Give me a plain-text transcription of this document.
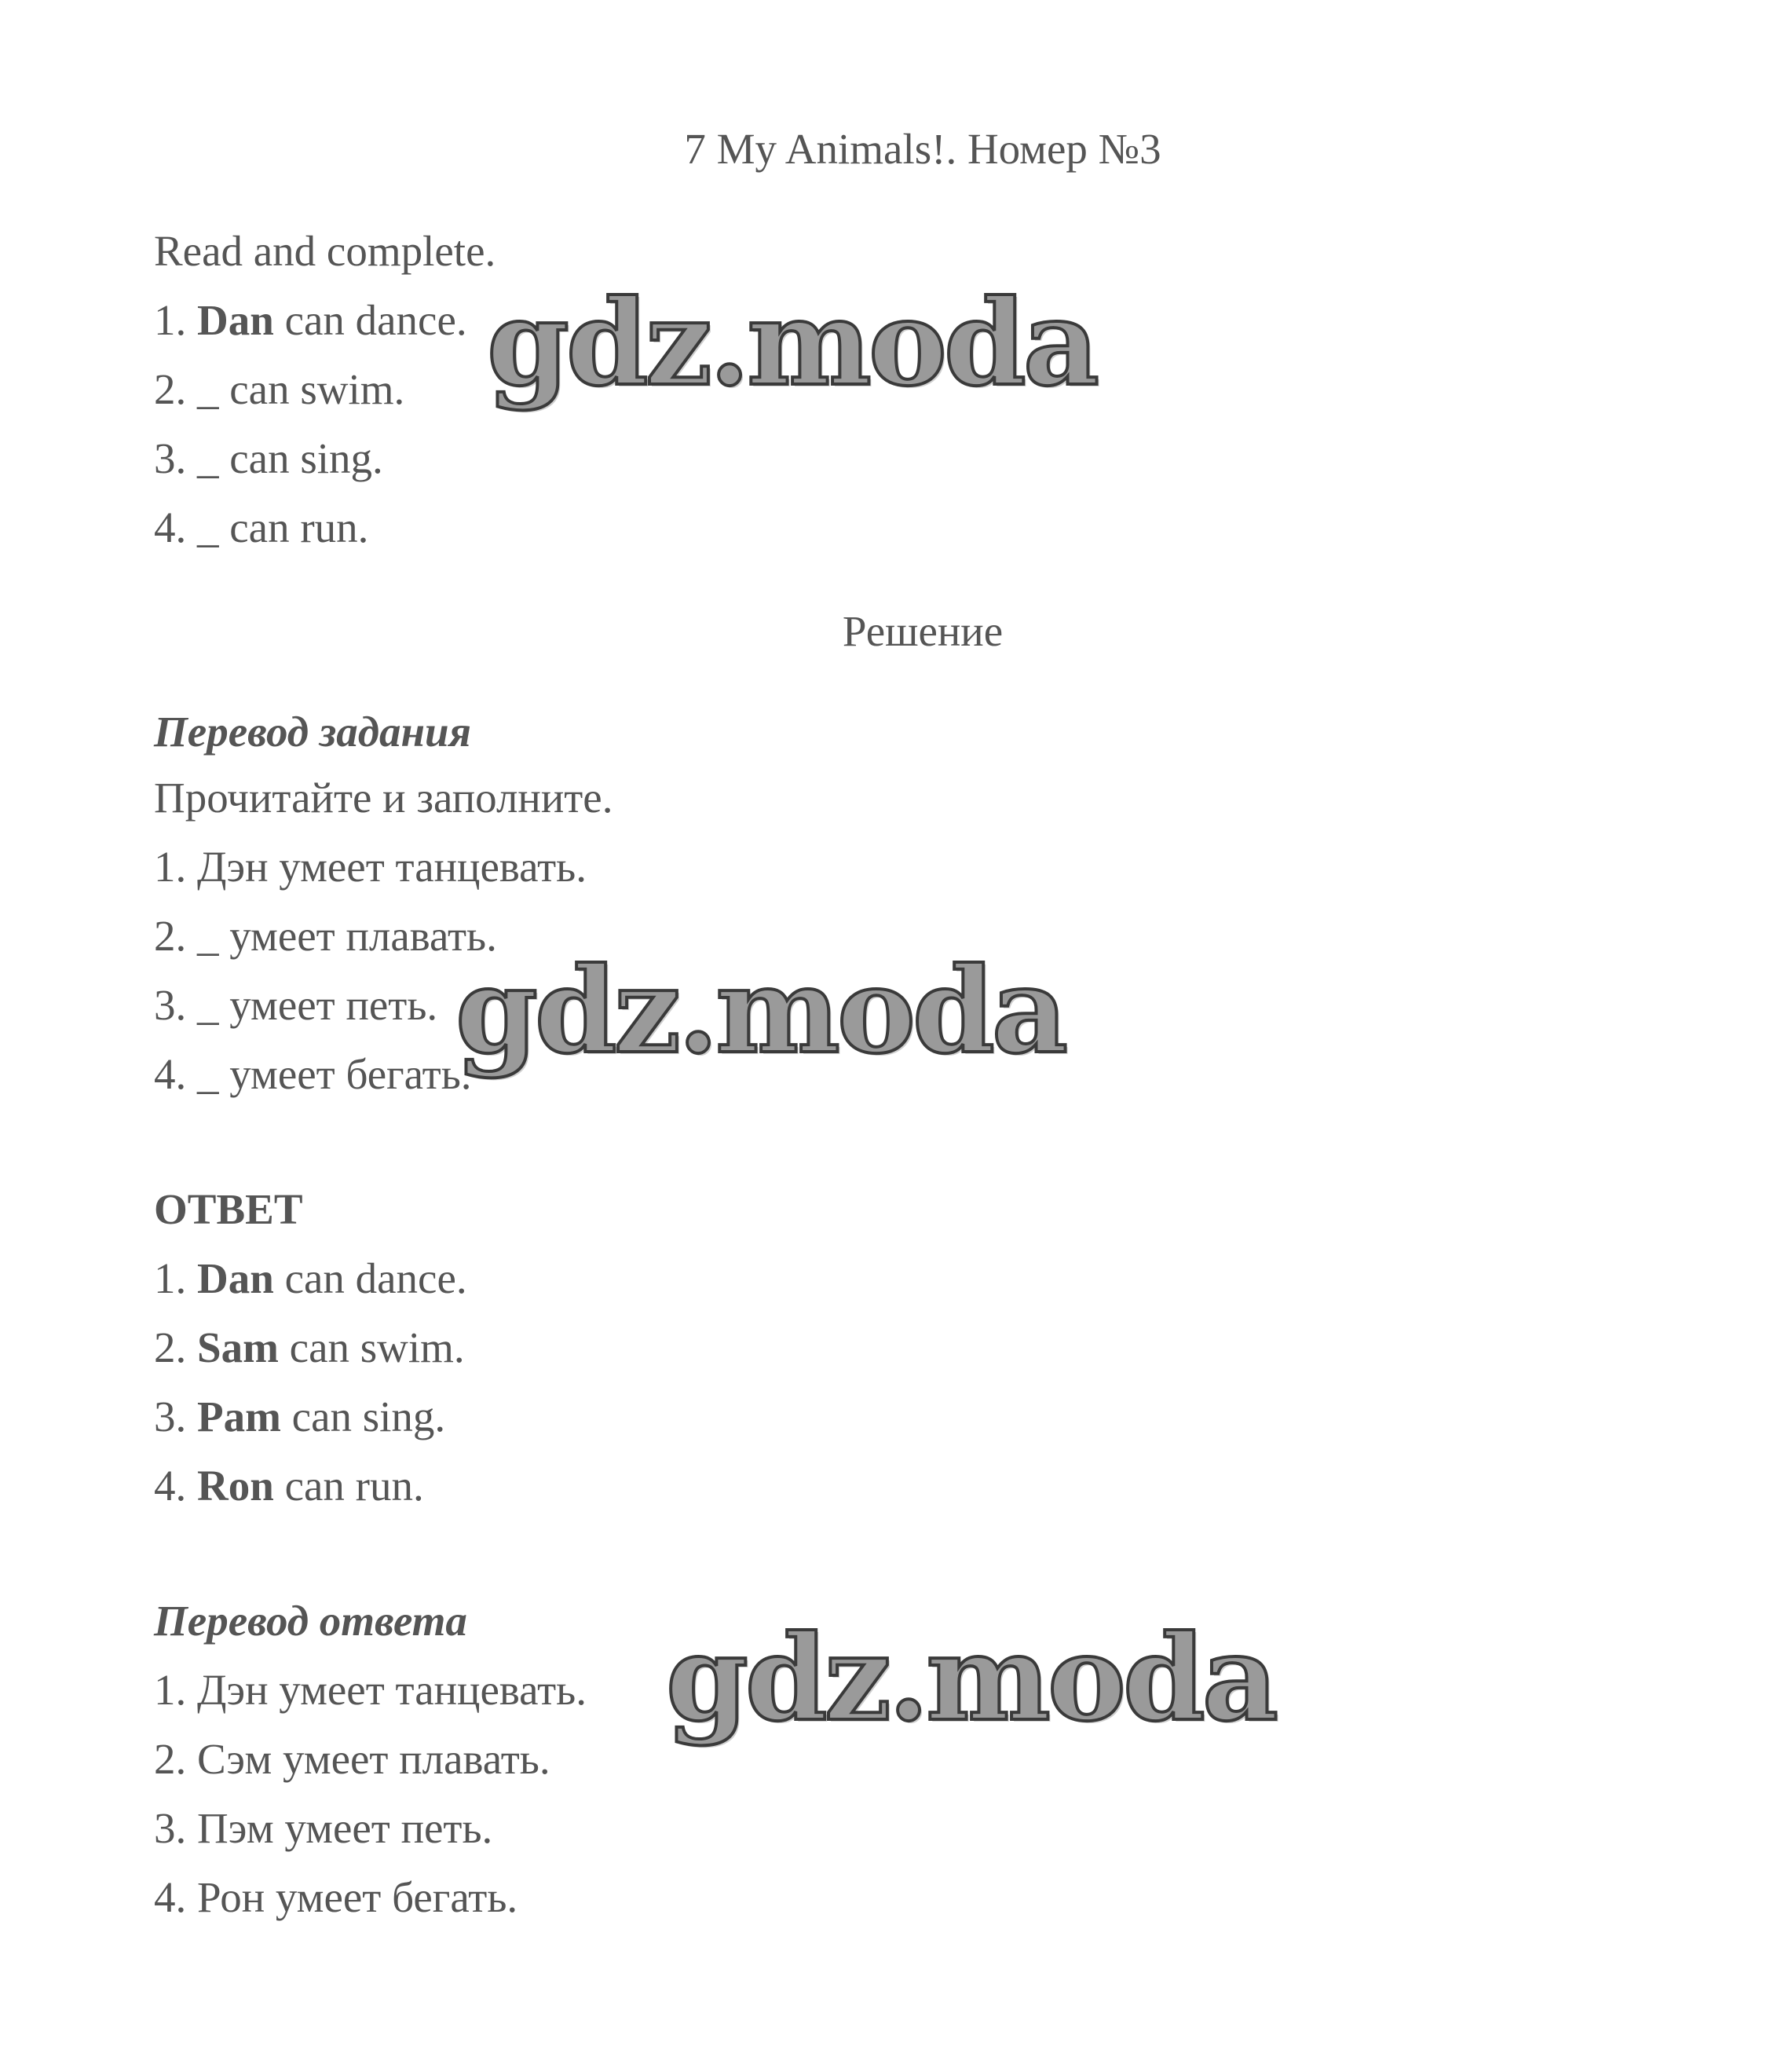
7 My Animals!. Номер №3
Read and complete.
1. Dan can dance.
2. _ can swim.
3. _ can sing.
4. _ can run.
Решение
Перевод задания
Прочитайте и заполните.
1. Дэн умеет танцевать.
2. _ умеет плавать.
3. _ умеет петь.
4. _ умеет бегать.
ОТВЕТ
1. Dan can dance.
2. Sam can swim.
3. Pam can sing.
4. Ron can run.
Перевод ответа
1. Дэн умеет танцевать.
2. Сэм умеет плавать.
3. Пэм умеет петь.
4. Рон умеет бегать.
gdz.moda
gdz.moda
gdz.moda
